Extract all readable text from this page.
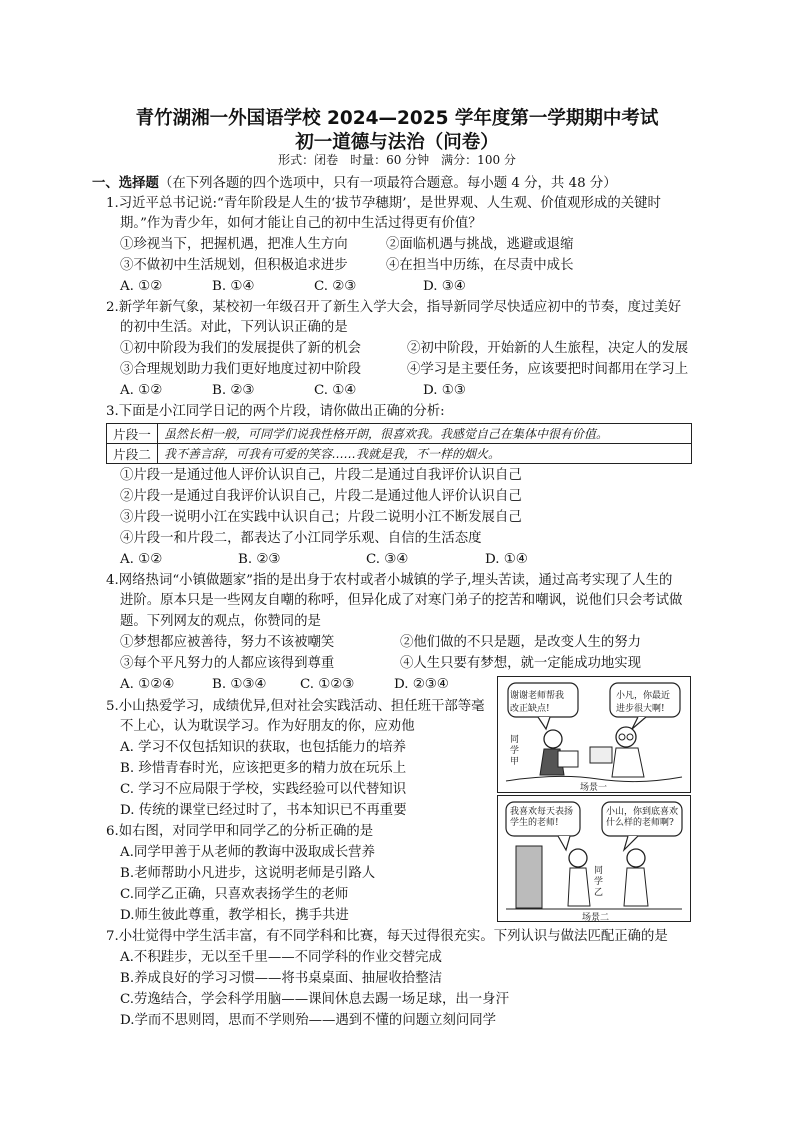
青竹湖湘一外国语学校 2024—2025 学年度第一学期期中考试
初一道德与法治（问卷）
形式：闭卷　时量：60 分钟　满分：100 分
一、选择题（在下列各题的四个选项中，只有一项最符合题意。每小题 4 分，共 48 分）
1.习近平总书记说:“青年阶段是人生的‘拔节孕穗期’，是世界观、人生观、价值观形成的关键时
期。”作为青少年，如何才能让自己的初中生活过得更有价值？
①珍视当下，把握机遇，把准人生方向	②面临机遇与挑战，逃避或退缩
③不做初中生活规划，但积极追求进步	④在担当中历练，在尽责中成长
A. ①②	B. ①④	C. ②③	D. ③④
2.新学年新气象，某校初一年级召开了新生入学大会，指导新同学尽快适应初中的节奏，度过美好
的初中生活。对此，下列认识正确的是
①初中阶段为我们的发展提供了新的机会	②初中阶段，开始新的人生旅程，决定人的发展
③合理规划助力我们更好地度过初中阶段	④学习是主要任务，应该要把时间都用在学习上
A. ①②	B. ②③	C. ①④	D. ①③
3.下面是小江同学日记的两个片段，请你做出正确的分析:
片段一	虽然长相一般，可同学们说我性格开朗，很喜欢我。我感觉自己在集体中很有价值。
片段二	我不善言辞，可我有可爱的笑容……我就是我，不一样的烟火。
①片段一是通过他人评价认识自己，片段二是通过自我评价认识自己
②片段一是通过自我评价认识自己，片段二是通过他人评价认识自己
③片段一说明小江在实践中认识自己；片段二说明小江不断发展自己
④片段一和片段二，都表达了小江同学乐观、自信的生活态度
A. ①②	B. ②③	C. ③④	D. ①④
4.网络热词“小镇做题家”指的是出身于农村或者小城镇的学子,埋头苦读，通过高考实现了人生的
进阶。原本只是一些网友自嘲的称呼，但异化成了对寒门弟子的挖苦和嘲讽，说他们只会考试做
题。下列网友的观点，你赞同的是
①梦想都应被善待，努力不该被嘲笑	②他们做的不只是题，是改变人生的努力
③每个平凡努力的人都应该得到尊重	④人生只要有梦想，就一定能成功地实现
A. ①②④	B. ①③④	C. ①②③	D. ②③④
5.小山热爱学习，成绩优异,但对社会实践活动、担任班干部等毫
不上心，认为耽误学习。作为好朋友的你，应劝他
A. 学习不仅包括知识的获取，也包括能力的培养
B. 珍惜青春时光，应该把更多的精力放在玩乐上
C. 学习不应局限于学校，实践经验可以代替知识
D. 传统的课堂已经过时了，书本知识已不再重要
6.如右图，对同学甲和同学乙的分析正确的是
A.同学甲善于从老师的教诲中汲取成长营养
B.老师帮助小凡进步，这说明老师是引路人
C.同学乙正确，只喜欢表扬学生的老师
D.师生彼此尊重，教学相长，携手共进
7.小壮觉得中学生活丰富，有不同学科和比赛，每天过得很充实。下列认识与做法匹配正确的是
A.不积跬步，无以至千里——不同学科的作业交替完成
B.养成良好的学习习惯——将书桌桌面、抽屉收拾整洁
C.劳逸结合，学会科学用脑——课间休息去踢一场足球，出一身汗
D.学而不思则罔，思而不学则殆——遇到不懂的问题立刻问同学
谢谢老师帮我改正缺点!
小凡，你最近进步很大啊!
同学甲
场景一
我喜欢每天表扬学生的老师!
小山，你到底喜欢什么样的老师啊?
同学乙
场景二
